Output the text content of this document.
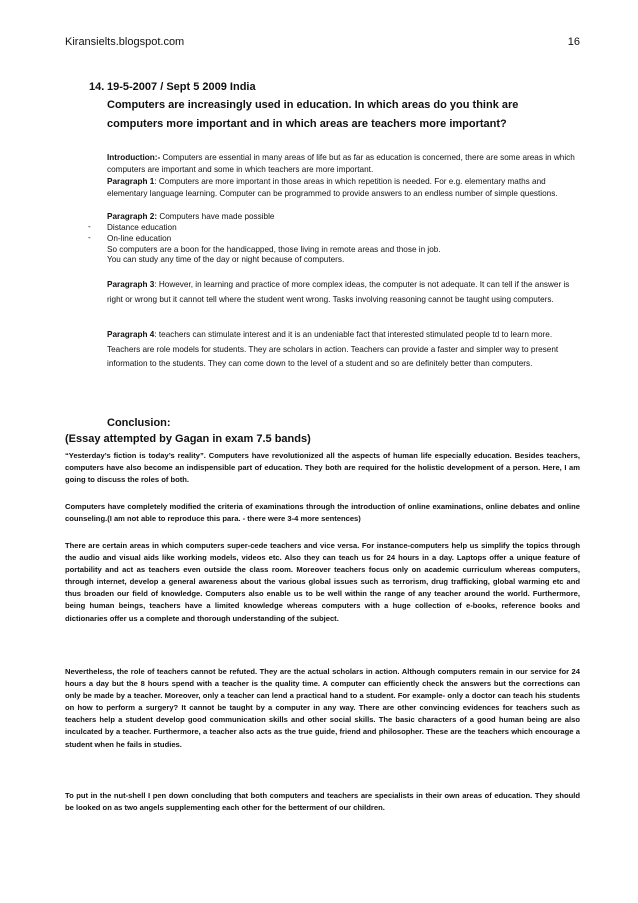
Kiransielts.blogspot.com	16
14. 19-5-2007 / Sept 5 2009 India
Computers are increasingly used in education. In which areas do you think are computers more important and in which areas are teachers more important?
Introduction:- Computers are essential in many areas of life but as far as education is concerned, there are some areas in which computers are important and some in which teachers are more important.
Paragraph 1: Computers are more important in those areas in which repetition is needed. For e.g. elementary maths and elementary language learning. Computer can be programmed to provide answers to an endless number of simple questions.
Paragraph 2: Computers have made possible
- Distance education
- On-line education
So computers are a boon for the handicapped, those living in remote areas and those in job.
You can study any time of the day or night because of computers.
Paragraph 3: However, in learning and practice of more complex ideas, the computer is not adequate. It can tell if the answer is right or wrong but it cannot tell where the student went wrong. Tasks involving reasoning cannot be taught using computers.
Paragraph 4: teachers can stimulate interest and it is an undeniable fact that interested stimulated people td to learn more. Teachers are role models for students. They are scholars in action. Teachers can provide a faster and simpler way to present information to the students. They can come down to the level of a student and so are definitely better than computers.
Conclusion:
(Essay attempted by Gagan in exam 7.5 bands)
“Yesterday’s fiction is today’s reality”. Computers have revolutionized all the aspects of human life especially education. Besides teachers, computers have also become an indispensible part of education. They both are required for the holistic development of a person. Here, I am going to discuss the roles of both.
Computers have completely modified the criteria of examinations through the introduction of online examinations, online debates and online counseling.(I am not able to reproduce this para. - there were 3-4 more sentences)
There are certain areas in which computers super-cede teachers and vice versa. For instance-computers help us simplify the topics through the audio and visual aids like working models, videos etc. Also they can teach us for 24 hours in a day. Laptops offer a unique feature of portability and act as teachers even outside the class room. Moreover teachers focus only on academic curriculum whereas computers, through internet, develop a general awareness about the various global issues such as terrorism, drug trafficking, global warming etc and thus broaden our field of knowledge. Computers also enable us to be well within the range of any teacher around the world. Furthermore, being human beings, teachers have a limited knowledge whereas computers with a huge collection of e-books, reference books and dictionaries offer us a complete and thorough understanding of the subject.
Nevertheless, the role of teachers cannot be refuted. They are the actual scholars in action. Although computers remain in our service for 24 hours a day but the 8 hours spend with a teacher is the quality time. A computer can efficiently check the answers but the corrections can only be made by a teacher. Moreover, only a teacher can lend a practical hand to a student. For example- only a doctor can teach his students on how to perform a surgery? It cannot be taught by a computer in any way. There are other convincing evidences for teachers such as teachers help a student develop good communication skills and other social skills. The basic characters of a good human being are also inculcated by a teacher. Furthermore, a teacher also acts as the true guide, friend and philosopher. These are the teachers which encourage a student when he fails in studies.
To put in the nut-shell I pen down concluding that both computers and teachers are specialists in their own areas of education. They should be looked on as two angels supplementing each other for the betterment of our children.
